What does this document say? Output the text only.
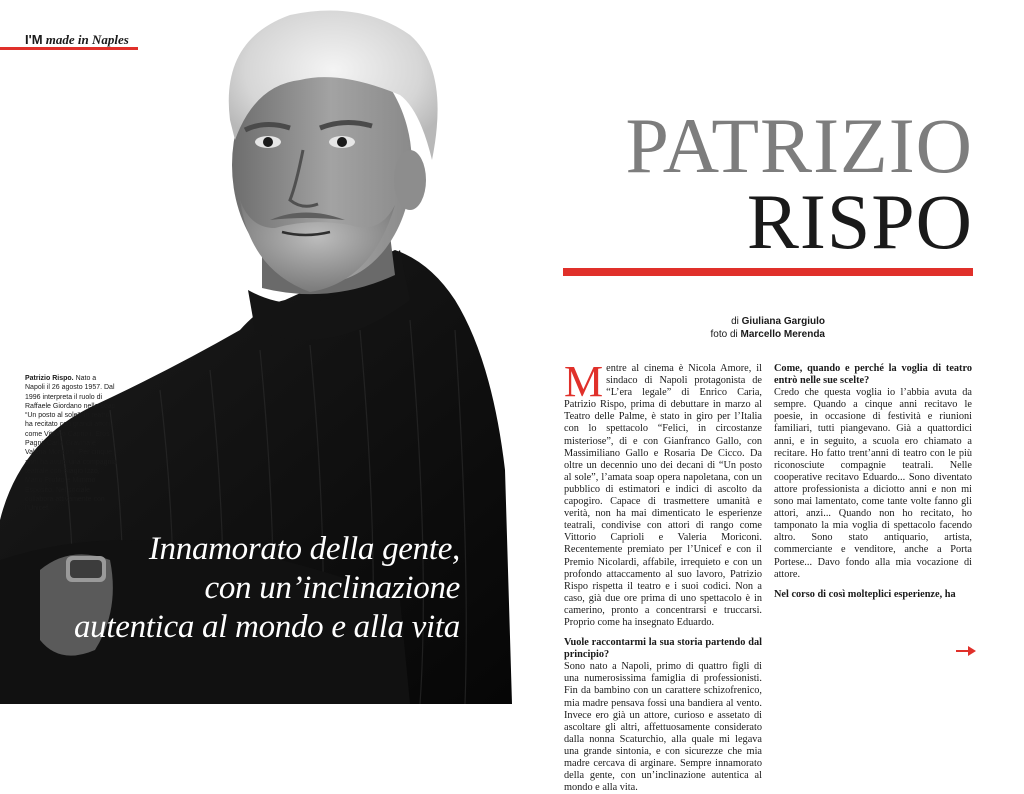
I'M made in Naples
Patrizio Rispo. Nato a Napoli il 26 agosto 1957. Dal 1996 interpreta il ruolo di Raffaele Giordano nella soap “Un posto al sole”. In teatro ha recitato con grandi attori come Vittorio Caprioli, Eros Pagni, Carla Gravina e Valeria Moriconi. Per cinque anni ha avuto una compagnia teatrale con Biagio Izzo, Mario Profito e Mimmo Esposito. Nel sociale collabora attivamente con l’Unicef.
Innamorato della gente,
con un’inclinazione
autentica al mondo e alla vita
PATRIZIO
RISPO
di Giuliana Gargiulo
foto di Marcello Merenda

Mentre al cinema è Nicola Amore, il sindaco di Napoli protagonista de “L’era legale” di Enrico Caria, Patrizio Rispo, prima di debuttare in marzo al Teatro delle Palme, è stato in giro per l’Italia con lo spettacolo “Felici, in circostanze misteriose”, di e con Gianfranco Gallo, con Massimiliano Gallo e Rosaria De Cicco. Da oltre un decennio uno dei decani di “Un posto al sole”, l’amata soap opera napoletana, con un pubblico di estimatori e indici di ascolto da capogiro. Capace di trasmettere umanità e verità, non ha mai dimenticato le esperienze teatrali, condivise con attori di rango come Vittorio Caprioli e Valeria Moriconi. Recentemente premiato per l’Unicef e con il Premio Nicolardi, affabile, irrequieto e con un profondo attaccamento al suo lavoro, Patrizio Rispo rispetta il teatro e i suoi codici. Non a caso, già due ore prima di uno spettacolo è in camerino, pronto a concentrarsi e truccarsi. Proprio come ha insegnato Eduardo.

Vuole raccontarmi la sua storia partendo dal principio?

Sono nato a Napoli, primo di quattro figli di una numerosissima famiglia di professionisti. Fin da bambino con un carattere schizofrenico, mia madre pensava fossi una bandiera al vento. Invece ero già un attore, curioso e assetato di ascoltare gli altri, affettuosamente considerato dalla nonna Scaturchio, alla quale mi legava una grande sintonia, e con sicurezze che mia madre cercava di arginare. Sempre innamorato della gente, con un’inclinazione autentica al mondo e alla vita.

Come, quando e perché la voglia di teatro entrò nelle sue scelte?

Credo che questa voglia io l’abbia avuta da sempre. Quando a cinque anni recitavo le poesie, in occasione di festività e riunioni familiari, tutti piangevano. Già a quattordici anni, e in seguito, a scuola ero chiamato a recitare. Ho fatto trent’anni di teatro con le più riconosciute compagnie teatrali. Nelle cooperative recitavo Eduardo... Sono diventato attore professionista a diciotto anni e non mi sono mai lamentato, come tante volte fanno gli attori, anzi... Quando non ho recitato, ho tamponato la mia voglia di spettacolo facendo altro. Sono stato antiquario, artista, commerciante e venditore, anche a Porta Portese... Davo fondo alla mia vocazione di attore.

Nel corso di così molteplici esperienze, ha
